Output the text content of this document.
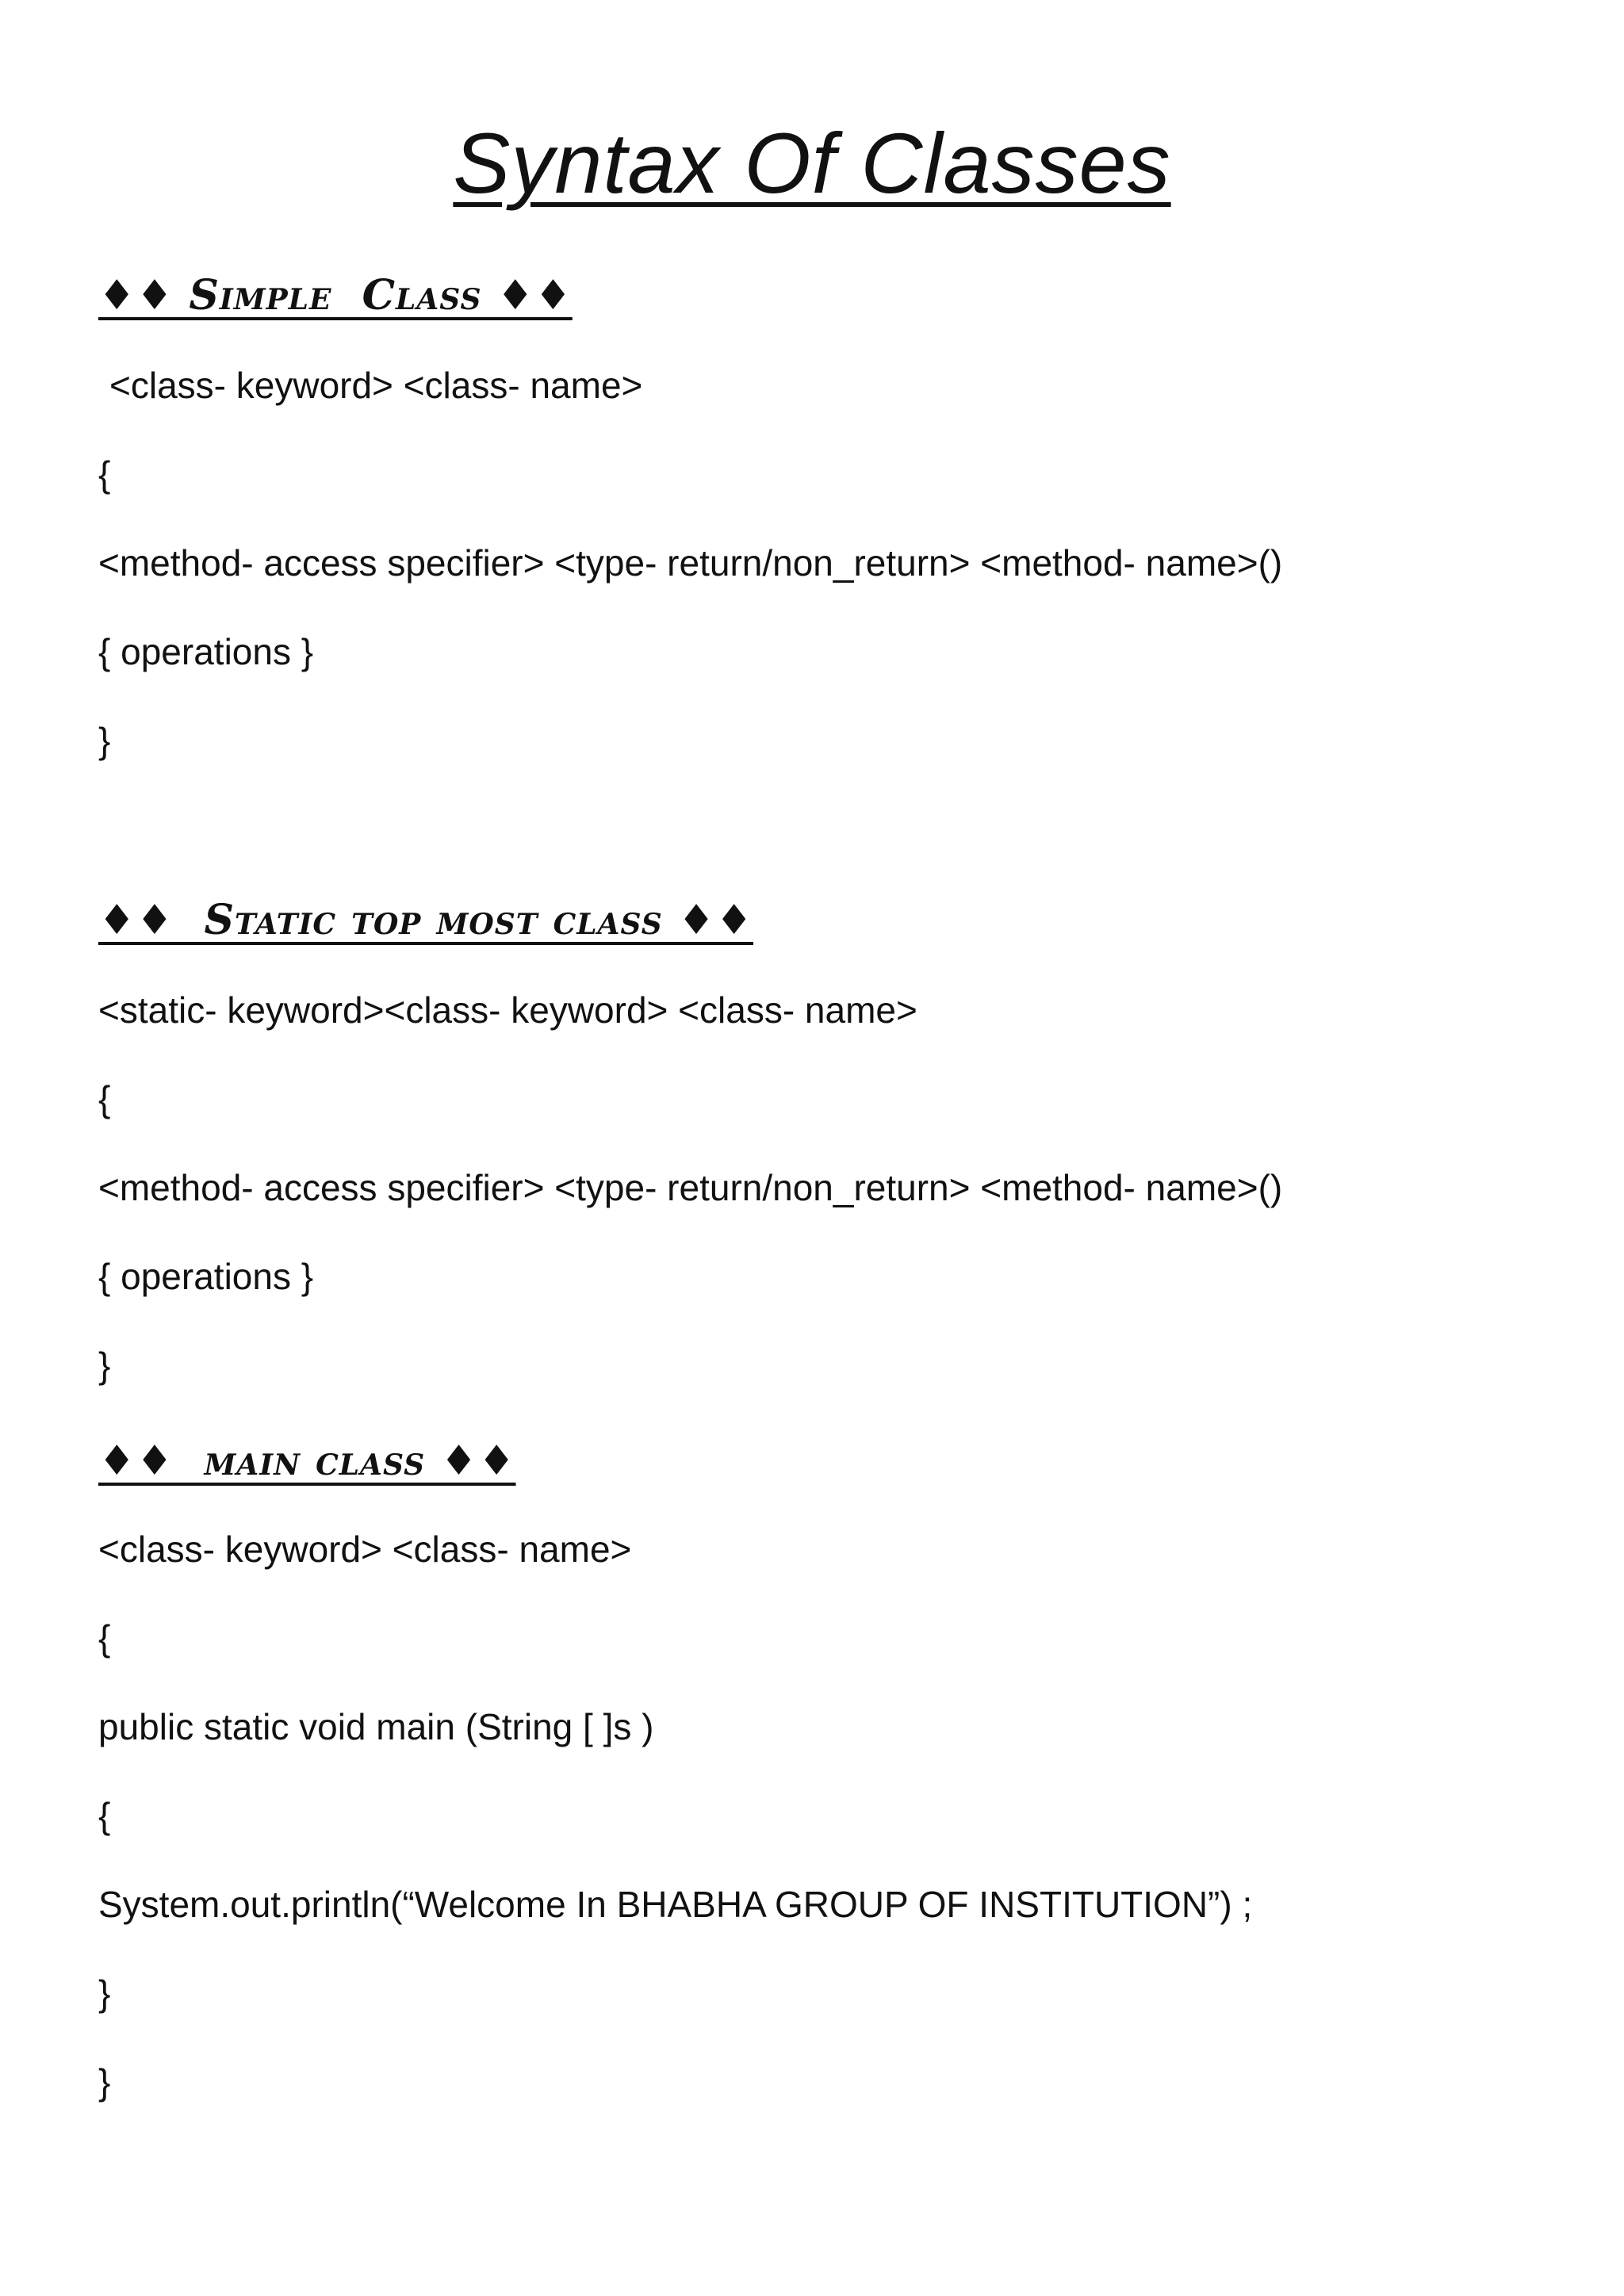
Syntax Of Classes
♦♦ Simple  Class ♦♦
<class- keyword> <class- name>
{
<method- access specifier> <type- return/non_return> <method- name>()
{ operations }
}
♦♦  Static top most class ♦♦
<static- keyword><class- keyword> <class- name>
{
<method- access specifier> <type- return/non_return> <method- name>()
{ operations }
}
♦♦  main class ♦♦
<class- keyword> <class- name>
{
public static void main (String [ ]s )
{
System.out.println(“Welcome In BHABHA GROUP OF INSTITUTION”) ;
}
}
